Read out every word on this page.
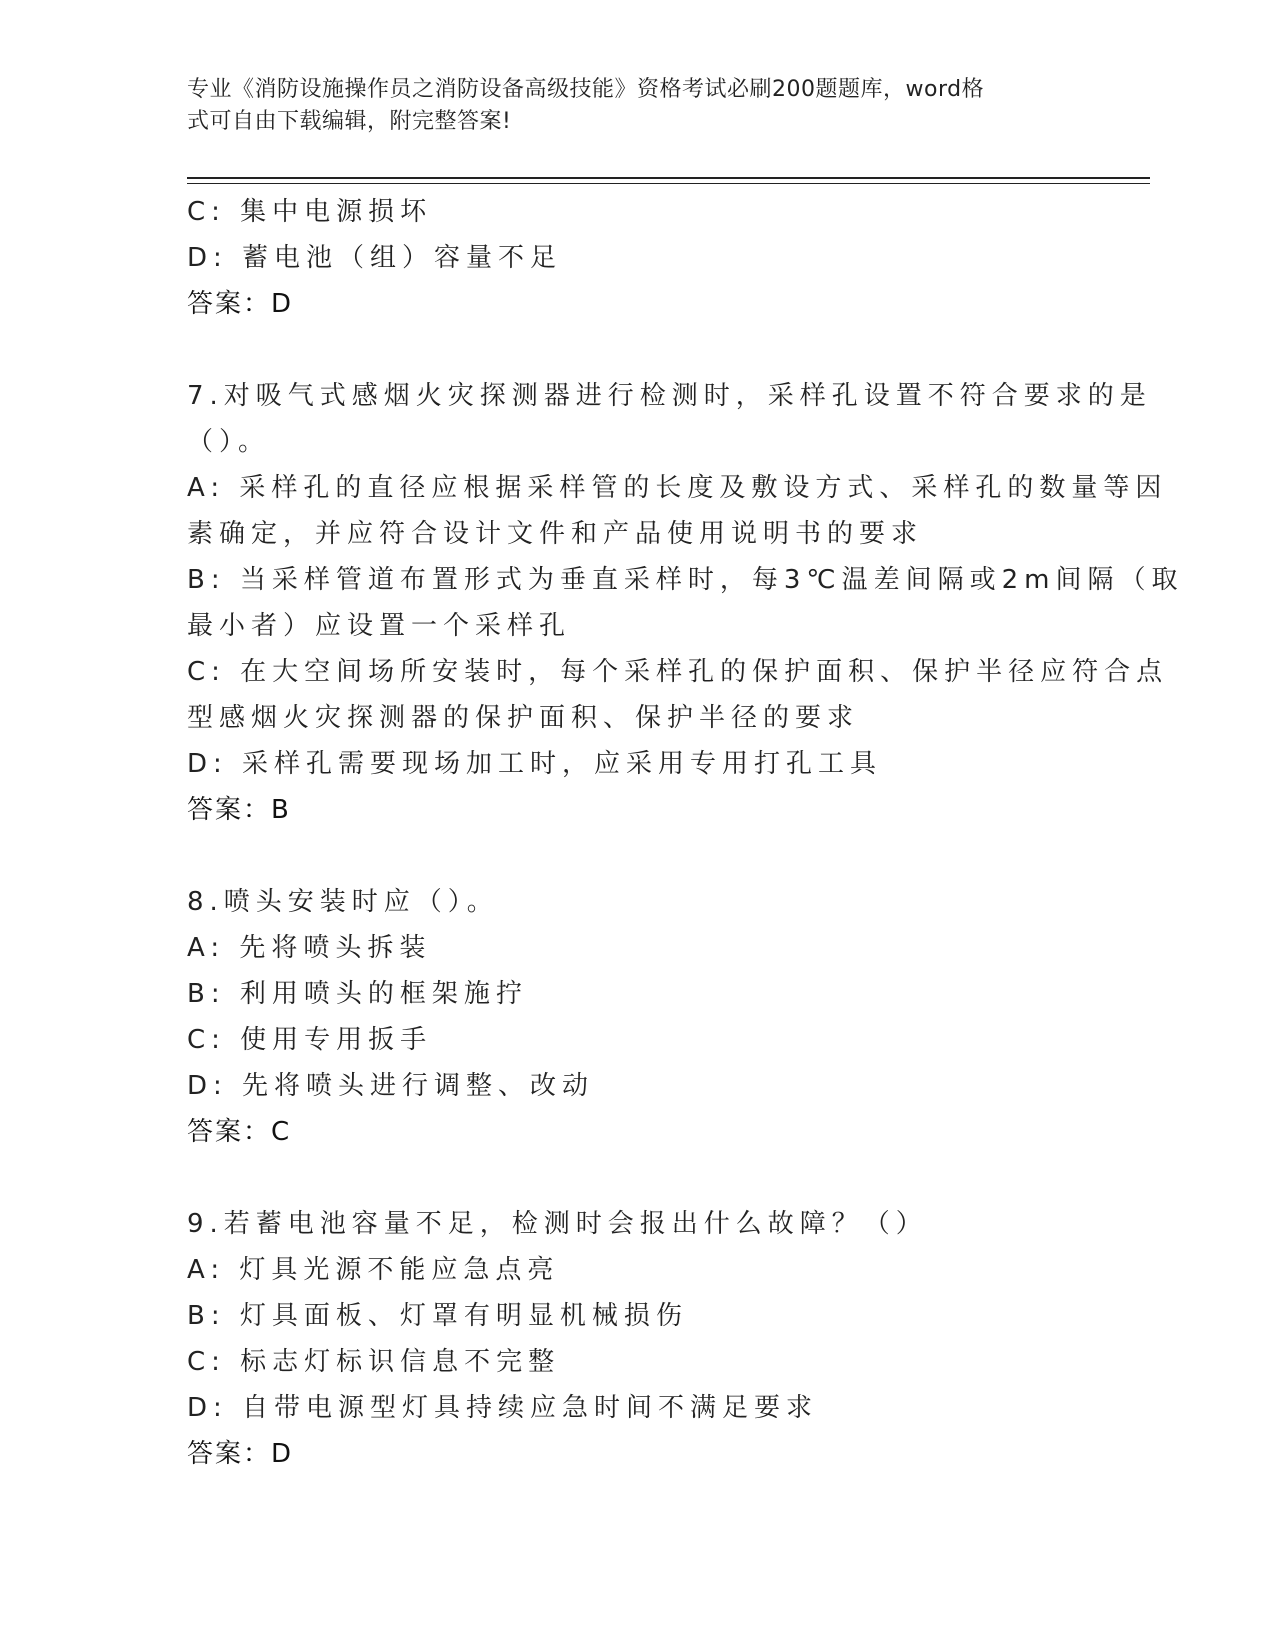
专业《消防设施操作员之消防设备高级技能》资格考试必刷200题题库，word格
式可自由下载编辑，附完整答案!
C: 集中电源损坏
D: 蓄电池（组）容量不足
答案：D
7.对吸气式感烟火灾探测器进行检测时，采样孔设置不符合要求的是
（）。
A: 采样孔的直径应根据采样管的长度及敷设方式、采样孔的数量等因
素确定，并应符合设计文件和产品使用说明书的要求
B: 当采样管道布置形式为垂直采样时，每3℃温差间隔或2m间隔（取
最小者）应设置一个采样孔
C: 在大空间场所安装时，每个采样孔的保护面积、保护半径应符合点
型感烟火灾探测器的保护面积、保护半径的要求
D: 采样孔需要现场加工时，应采用专用打孔工具
答案：B
8.喷头安装时应（）。
A: 先将喷头拆装
B: 利用喷头的框架施拧
C: 使用专用扳手
D: 先将喷头进行调整、改动
答案：C
9.若蓄电池容量不足，检测时会报出什么故障？（）
A: 灯具光源不能应急点亮
B: 灯具面板、灯罩有明显机械损伤
C: 标志灯标识信息不完整
D: 自带电源型灯具持续应急时间不满足要求
答案：D
